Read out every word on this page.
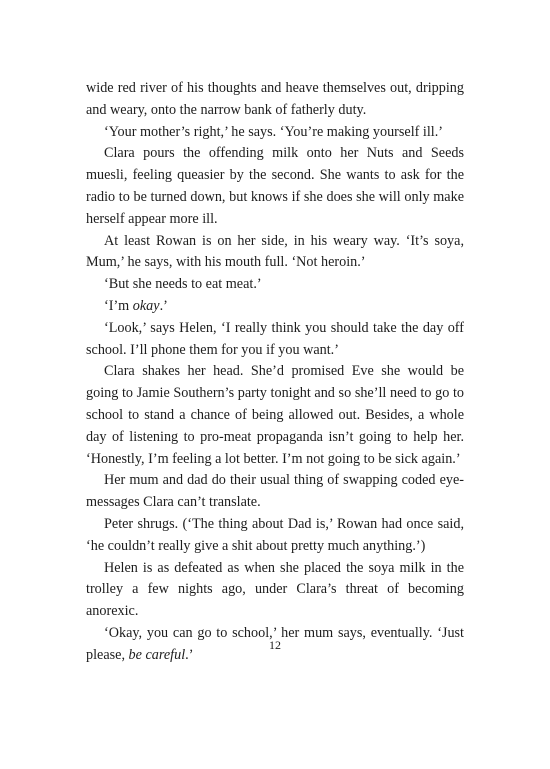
wide red river of his thoughts and heave themselves out, dripping and weary, onto the narrow bank of fatherly duty.

‘Your mother’s right,’ he says. ‘You’re making yourself ill.’

Clara pours the offending milk onto her Nuts and Seeds muesli, feeling queasier by the second. She wants to ask for the radio to be turned down, but knows if she does she will only make herself appear more ill.

At least Rowan is on her side, in his weary way. ‘It’s soya, Mum,’ he says, with his mouth full. ‘Not heroin.’

‘But she needs to eat meat.’

‘I’m okay.’

‘Look,’ says Helen, ‘I really think you should take the day off school. I’ll phone them for you if you want.’

Clara shakes her head. She’d promised Eve she would be going to Jamie Southern’s party tonight and so she’ll need to go to school to stand a chance of being allowed out. Besides, a whole day of listening to pro-meat propaganda isn’t going to help her. ‘Honestly, I’m feeling a lot better. I’m not going to be sick again.’

Her mum and dad do their usual thing of swapping coded eye-messages Clara can’t translate.

Peter shrugs. (‘The thing about Dad is,’ Rowan had once said, ‘he couldn’t really give a shit about pretty much anything.’)

Helen is as defeated as when she placed the soya milk in the trolley a few nights ago, under Clara’s threat of becoming anorexic.

‘Okay, you can go to school,’ her mum says, eventually. ‘Just please, be careful.’

12
